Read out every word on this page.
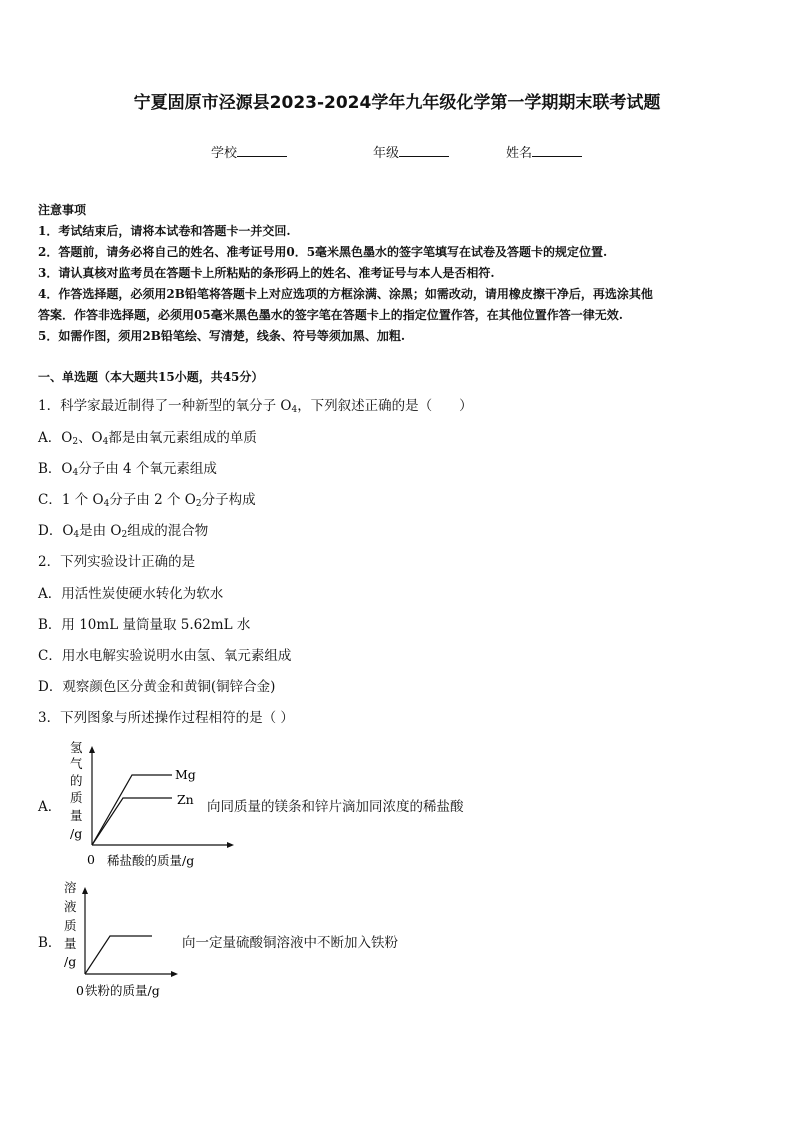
宁夏固原市泾源县2023-2024学年九年级化学第一学期期末联考试题
学校	年级	姓名
注意事项
1．考试结束后，请将本试卷和答题卡一并交回.
2．答题前，请务必将自己的姓名、准考证号用0．5毫米黑色墨水的签字笔填写在试卷及答题卡的规定位置.
3．请认真核对监考员在答题卡上所粘贴的条形码上的姓名、准考证号与本人是否相符.
4．作答选择题，必须用2B铅笔将答题卡上对应选项的方框涂满、涂黑；如需改动，请用橡皮擦干净后，再选涂其他
答案．作答非选择题，必须用05毫米黑色墨水的签字笔在答题卡上的指定位置作答，在其他位置作答一律无效.
5．如需作图，须用2B铅笔绘、写清楚，线条、符号等须加黑、加粗.
一、单选题（本大题共15小题，共45分）
1．科学家最近制得了一种新型的氧分子 $O_4$，下列叙述正确的是（　　）
A．$O_2$、$O_4$都是由氧元素组成的单质
B．$O_4$分子由 4 个氧元素组成
C．1 个 $O_4$分子由 2 个 $O_2$分子构成
D．$O_4$是由 $O_2$组成的混合物
2．下列实验设计正确的是
A．用活性炭使硬水转化为软水
B．用 10mL 量筒量取 5.62mL 水
C．用水电解实验说明水由氢、氧元素组成
D．观察颜色区分黄金和黄铜(铜锌合金)
3．下列图象与所述操作过程相符的是（ ）
A．
氢
气
的
质
量
/g
Mg
Zn
0 稀盐酸的质量/g
向同质量的镁条和锌片滴加同浓度的稀盐酸
B．
溶
液
质
量
/g
0 铁粉的质量/g
向一定量硫酸铜溶液中不断加入铁粉
